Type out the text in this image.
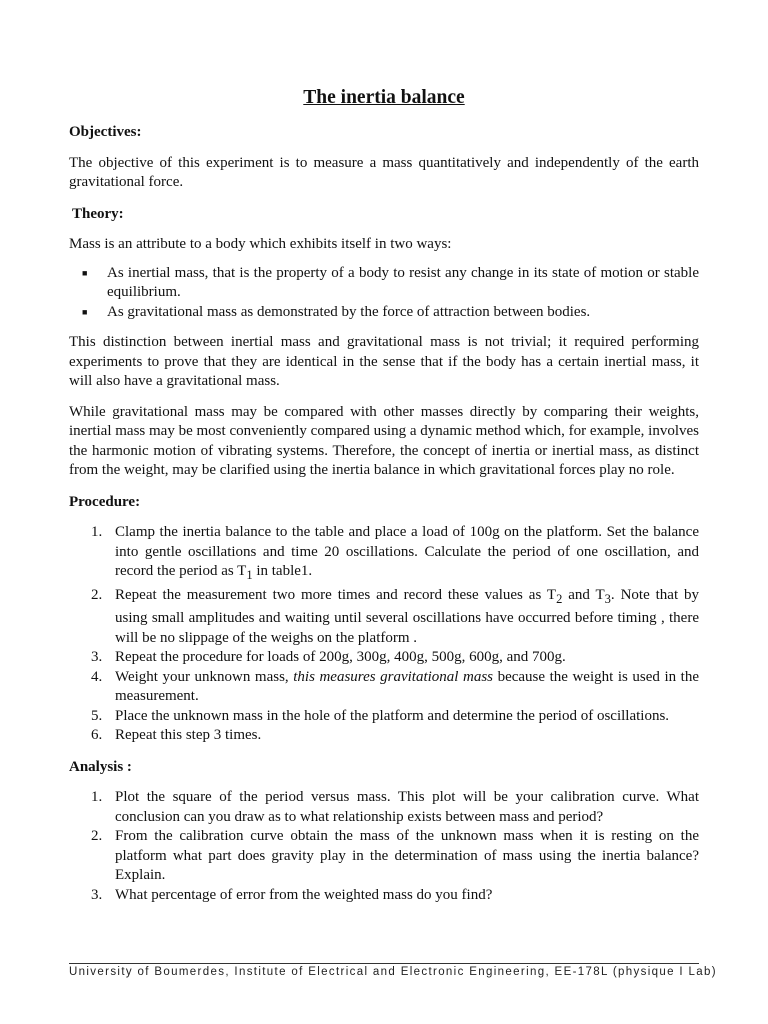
The inertia balance

Objectives:

The objective of this experiment is to measure a mass quantitatively and independently of the earth gravitational force.

Theory:

Mass is an attribute to a body which exhibits itself in two ways:

■ As inertial mass, that is the property of a body to resist any change in its state of motion or stable equilibrium.
■ As gravitational mass as demonstrated by the force of attraction between bodies.

This distinction between inertial mass and gravitational mass is not trivial; it required performing experiments to prove that they are identical in the sense that if the body has a certain inertial mass, it will also have a gravitational mass.

While gravitational mass may be compared with other masses directly by comparing their weights, inertial mass may be most conveniently compared using a dynamic method which, for example, involves the harmonic motion of vibrating systems. Therefore, the concept of inertia or inertial mass, as distinct from the weight, may be clarified using the inertia balance in which gravitational forces play no role.

Procedure:

1. Clamp the inertia balance to the table and place a load of 100g on the platform. Set the balance into gentle oscillations and time 20 oscillations. Calculate the period of one oscillation, and record the period as $T_1$ in table1.
2. Repeat the measurement two more times and record these values as $T_2$ and $T_3$. Note that by using small amplitudes and waiting until several oscillations have occurred before timing , there will be no slippage of the weighs on the platform .
3. Repeat the procedure for loads of 200g, 300g, 400g, 500g, 600g, and 700g.
4. Weight your unknown mass, this measures gravitational mass because the weight is used in the measurement.
5. Place the unknown mass in the hole of the platform and determine the period of oscillations.
6. Repeat this step 3 times.

Analysis :

1. Plot the square of the period versus mass. This plot will be your calibration curve. What conclusion can you draw as to what relationship exists between mass and period?
2. From the calibration curve obtain the mass of the unknown mass when it is resting on the platform what part does gravity play in the determination of mass using the inertia balance? Explain.
3. What percentage of error from the weighted mass do you find?
University of Boumerdes, Institute of Electrical and Electronic Engineering, EE-178L (physique I Lab)
